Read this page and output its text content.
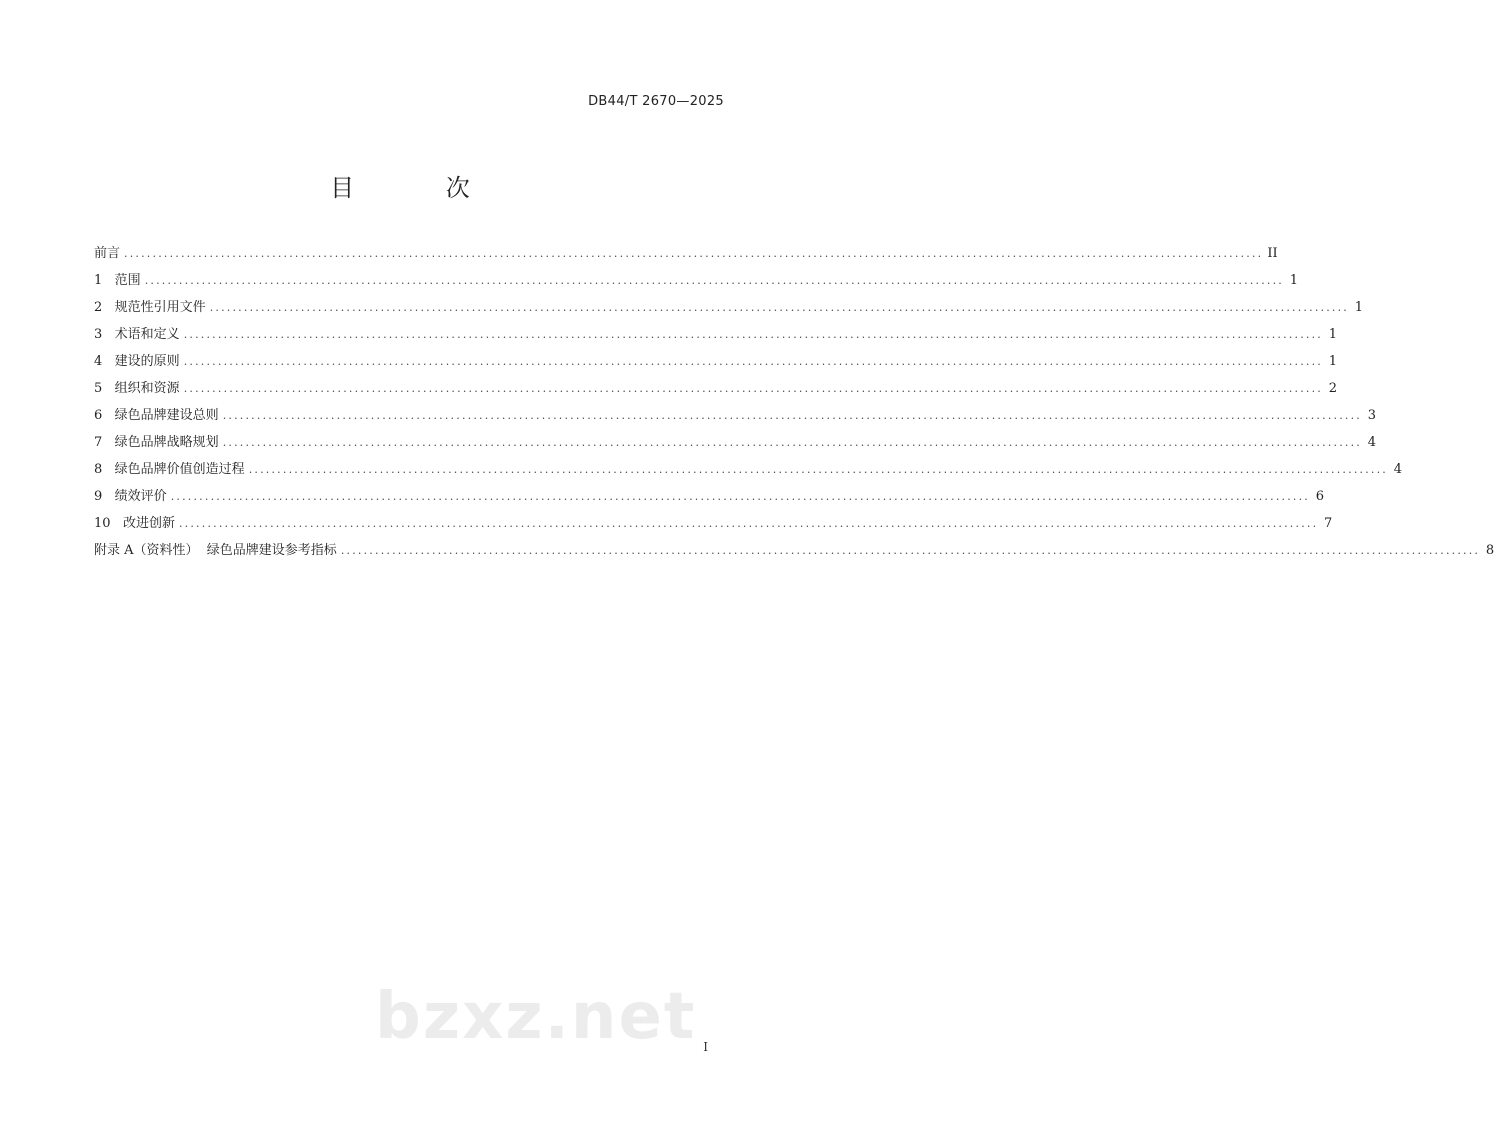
DB44/T 2670—2025
目 次
前言 ........................................................................................................................................................................................................ II
1 范围 ........................................................................................................................................................................................................ 1
2 规范性引用文件 ........................................................................................................................................................................................................ 1
3 术语和定义 ........................................................................................................................................................................................................ 1
4 建设的原则 ........................................................................................................................................................................................................ 1
5 组织和资源 ........................................................................................................................................................................................................ 2
6 绿色品牌建设总则 ........................................................................................................................................................................................................ 3
7 绿色品牌战略规划 ........................................................................................................................................................................................................ 4
8 绿色品牌价值创造过程 ........................................................................................................................................................................................................ 4
9 绩效评价 ........................................................................................................................................................................................................ 6
10 改进创新 ........................................................................................................................................................................................................ 7
附录 A（资料性） 绿色品牌建设参考指标 ........................................................................................................................................................................................................ 8
bzxz.net I
